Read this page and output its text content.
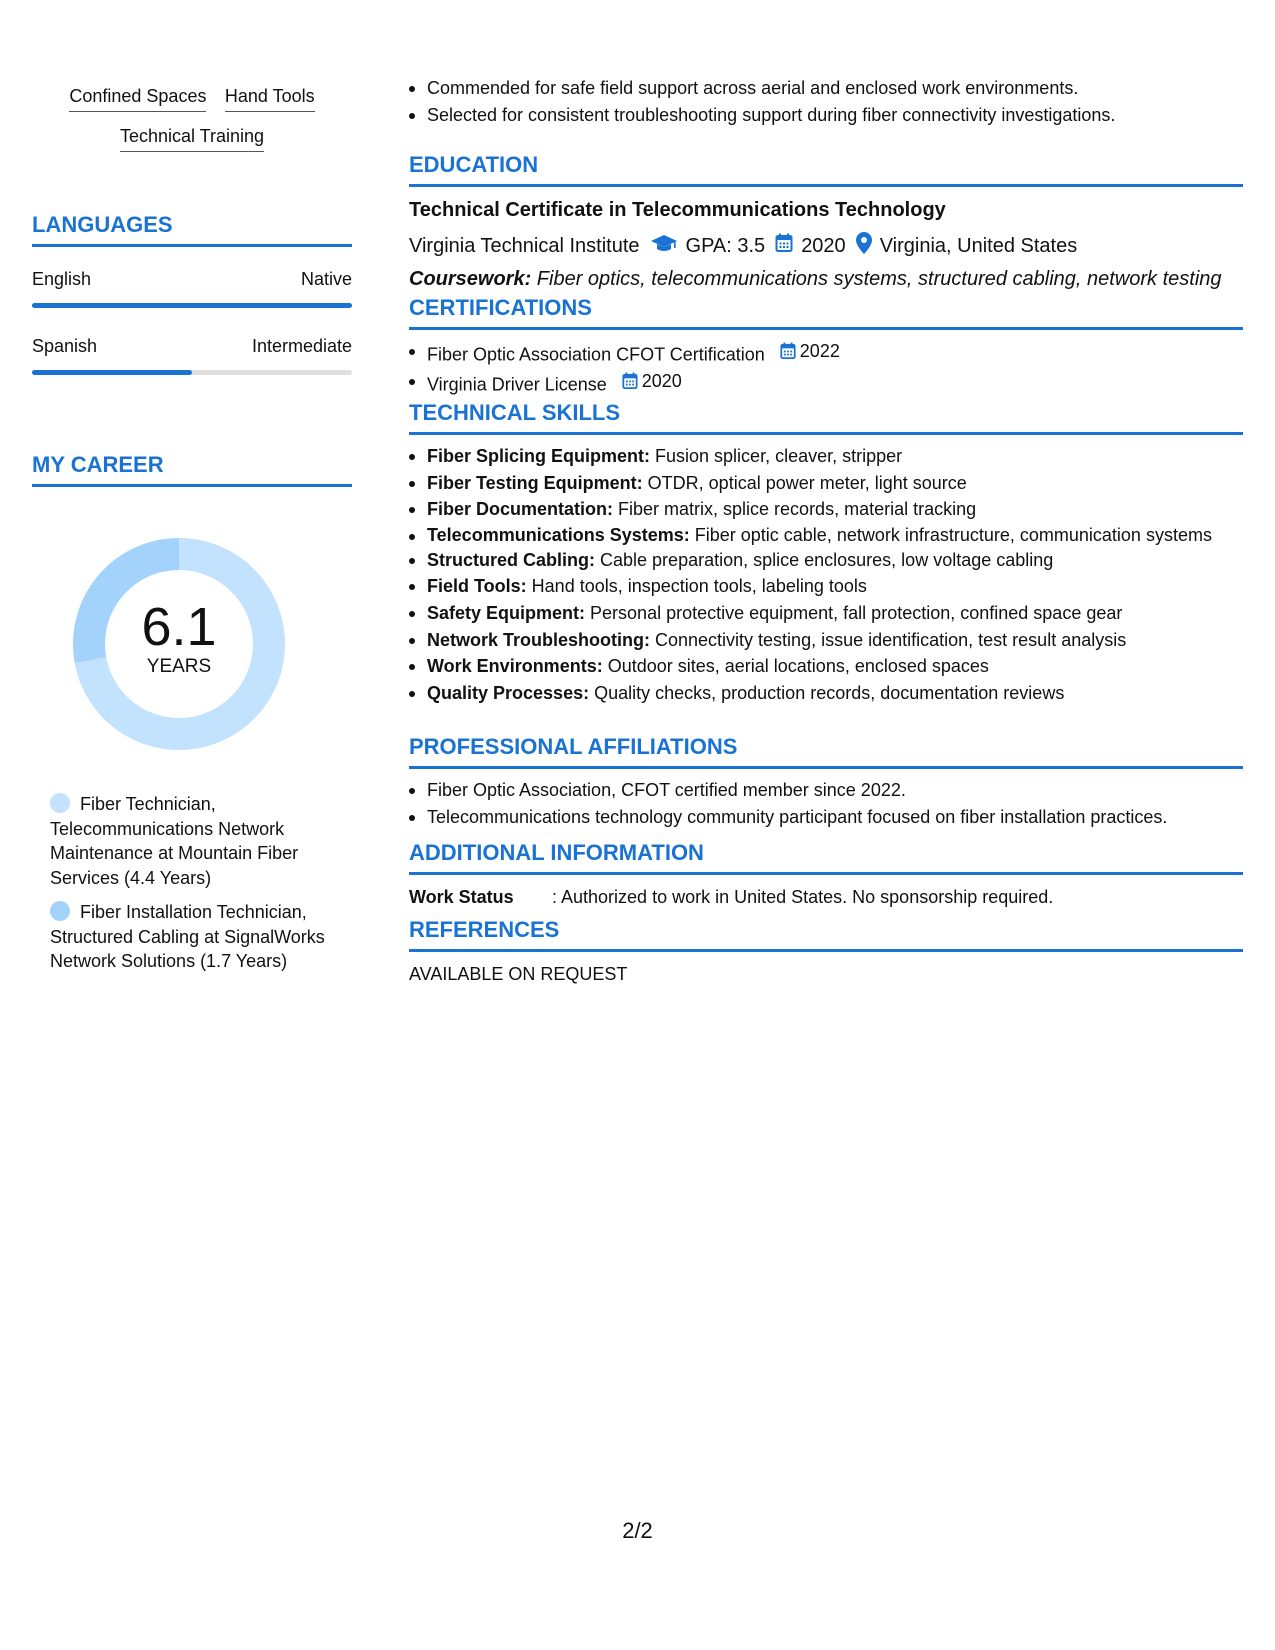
Confined Spaces Hand Tools
Technical Training
LANGUAGES
English	Native
Spanish	Intermediate
MY CAREER
6.1
YEARS
Fiber Technician, Telecommunications Network Maintenance at Mountain Fiber Services (4.4 Years)
Fiber Installation Technician, Structured Cabling at SignalWorks Network Solutions (1.7 Years)
Commended for safe field support across aerial and enclosed work environments.
Selected for consistent troubleshooting support during fiber connectivity investigations.
EDUCATION
Technical Certificate in Telecommunications Technology
Virginia Technical Institute GPA: 3.5 2020 Virginia, United States
Coursework: Fiber optics, telecommunications systems, structured cabling, network testing
CERTIFICATIONS
Fiber Optic Association CFOT Certification 2022
Virginia Driver License 2020
TECHNICAL SKILLS
Fiber Splicing Equipment: Fusion splicer, cleaver, stripper
Fiber Testing Equipment: OTDR, optical power meter, light source
Fiber Documentation: Fiber matrix, splice records, material tracking
Telecommunications Systems: Fiber optic cable, network infrastructure, communication systems
Structured Cabling: Cable preparation, splice enclosures, low voltage cabling
Field Tools: Hand tools, inspection tools, labeling tools
Safety Equipment: Personal protective equipment, fall protection, confined space gear
Network Troubleshooting: Connectivity testing, issue identification, test result analysis
Work Environments: Outdoor sites, aerial locations, enclosed spaces
Quality Processes: Quality checks, production records, documentation reviews
PROFESSIONAL AFFILIATIONS
Fiber Optic Association, CFOT certified member since 2022.
Telecommunications technology community participant focused on fiber installation practices.
ADDITIONAL INFORMATION
Work Status	: Authorized to work in United States. No sponsorship required.
REFERENCES
AVAILABLE ON REQUEST
2/2
